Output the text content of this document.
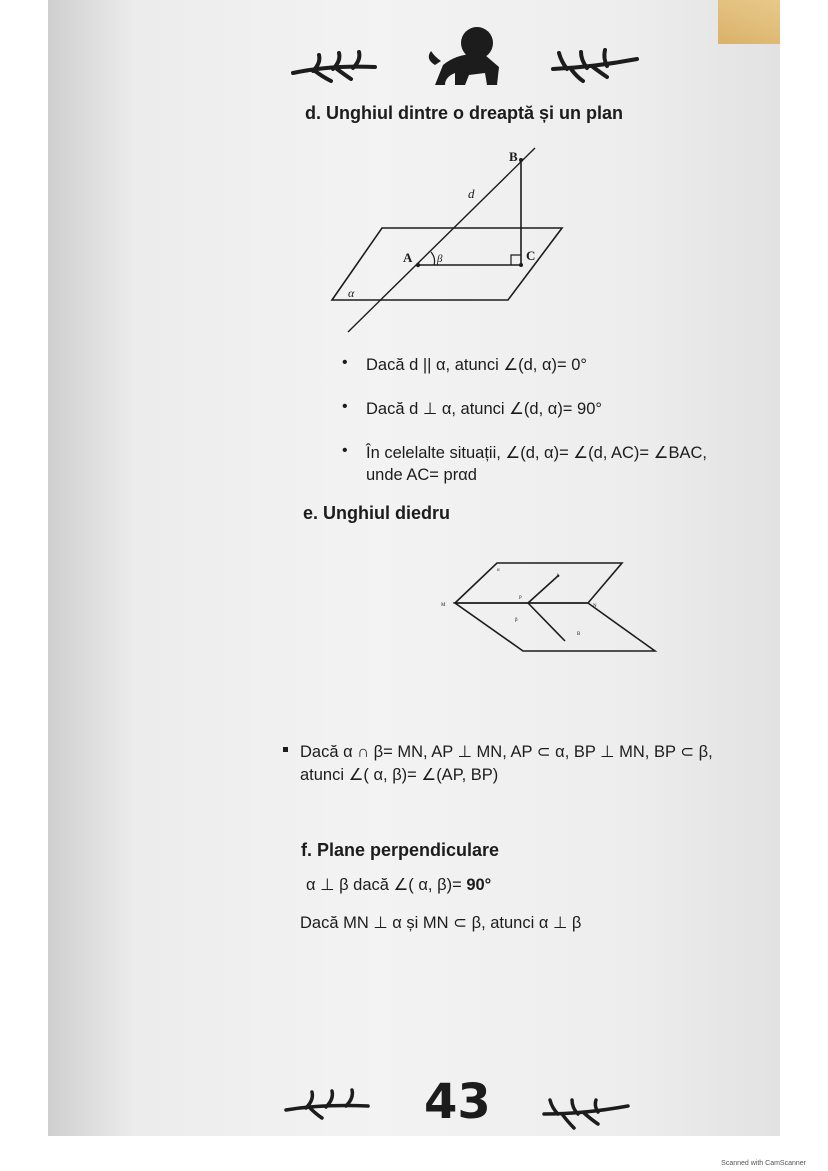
d. Unghiul dintre o dreaptă și un plan
B
d
A β	C
α
• Dacă d || α, atunci ∠(d, α)= 0°
• Dacă d ⊥ α, atunci ∠(d, α)= 90°
• În celelalte situații, ∠(d, α)= ∠(d, AC)= ∠BAC,
unde AC= prαd
e. Unghiul diedru
M
α
A
P
N
β
B
Dacă α ∩ β= MN, AP ⊥ MN, AP ⊂ α, BP ⊥ MN, BP ⊂ β,
atunci ∠( α, β)= ∠(AP, BP)
f. Plane perpendiculare
α ⊥ β dacă ∠( α, β)= 90°
Dacă MN ⊥ α și MN ⊂ β, atunci α ⊥ β
43
Scanned with CamScanner
